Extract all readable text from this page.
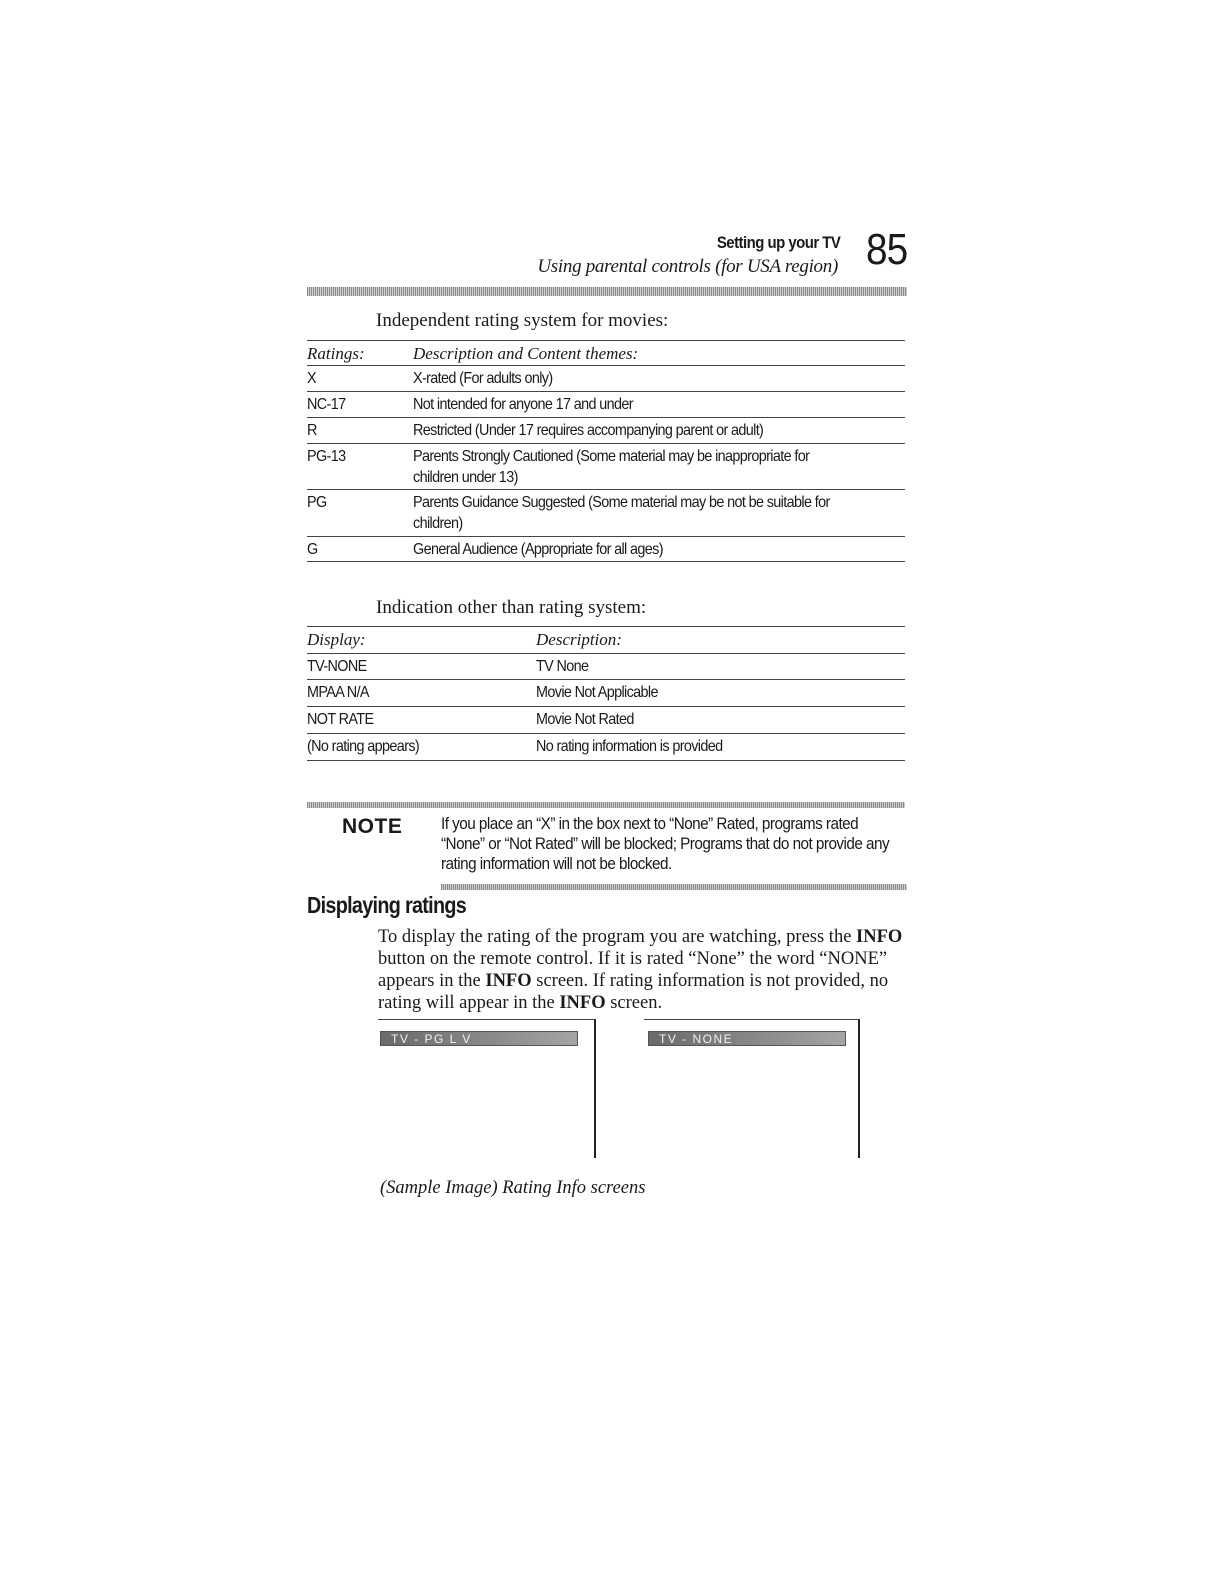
Setting up your TV
Using parental controls (for USA region) 85
Independent rating system for movies:
Ratings:	Description and Content themes:
X	X-rated (For adults only)
NC-17	Not intended for anyone 17 and under
R	Restricted (Under 17 requires accompanying parent or adult)
PG-13	Parents Strongly Cautioned (Some material may be inappropriate for
children under 13)
PG	Parents Guidance Suggested (Some material may be not be suitable for
children)
G	General Audience (Appropriate for all ages)
Indication other than rating system:
Display:	Description:
TV-NONE	TV None
MPAA N/A	Movie Not Applicable
NOT RATE	Movie Not Rated
(No rating appears)	No rating information is provided
NOTE If you place an “X” in the box next to “None” Rated, programs rated “None” or “Not Rated” will be blocked; Programs that do not provide any rating information will not be blocked.
Displaying ratings
To display the rating of the program you are watching, press the INFO button on the remote control. If it is rated “None” the word “NONE” appears in the INFO screen. If rating information is not provided, no rating will appear in the INFO screen.
TV - PG L V	TV - NONE
(Sample Image) Rating Info screens
